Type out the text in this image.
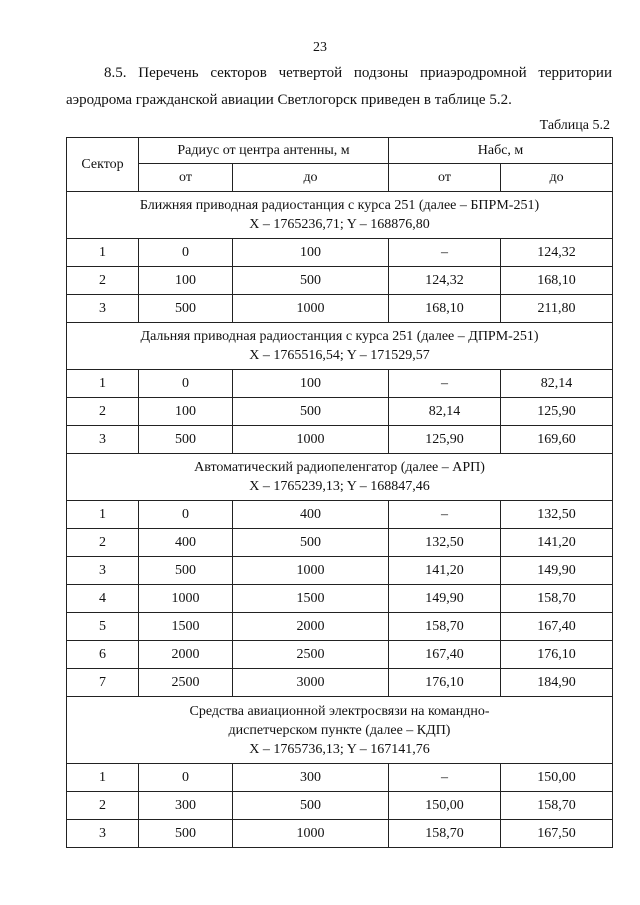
23
8.5. Перечень секторов четвертой подзоны приаэродромной территории
аэродрома гражданской авиации Светлогорск приведен в таблице 5.2.
Таблица 5.2
Сектор	Радиус от центра антенны, м		Набс, м	
	от	до	от	до

Ближняя приводная радиостанция с курса 251 (далее – БПРМ-251)
X – 1765236,71; Y – 168876,80				

1	0	100	–	124,32
2	100	500	124,32	168,10
3	500	1000	168,10	211,80

Дальняя приводная радиостанция с курса 251 (далее – ДПРМ-251)
X – 1765516,54; Y – 171529,57				

1	0	100	–	82,14
2	100	500	82,14	125,90
3	500	1000	125,90	169,60

Автоматический радиопеленгатор (далее – АРП)
X – 1765239,13; Y – 168847,46				

1	0	400	–	132,50
2	400	500	132,50	141,20
3	500	1000	141,20	149,90
4	1000	1500	149,90	158,70
5	1500	2000	158,70	167,40
6	2000	2500	167,40	176,10
7	2500	3000	176,10	184,90

Средства авиационной электросвязи на командно-
диспетчерском пункте (далее – КДП)
X – 1765736,13; Y – 167141,76				

1	0	300	–	150,00
2	300	500	150,00	158,70
3	500	1000	158,70	167,50
